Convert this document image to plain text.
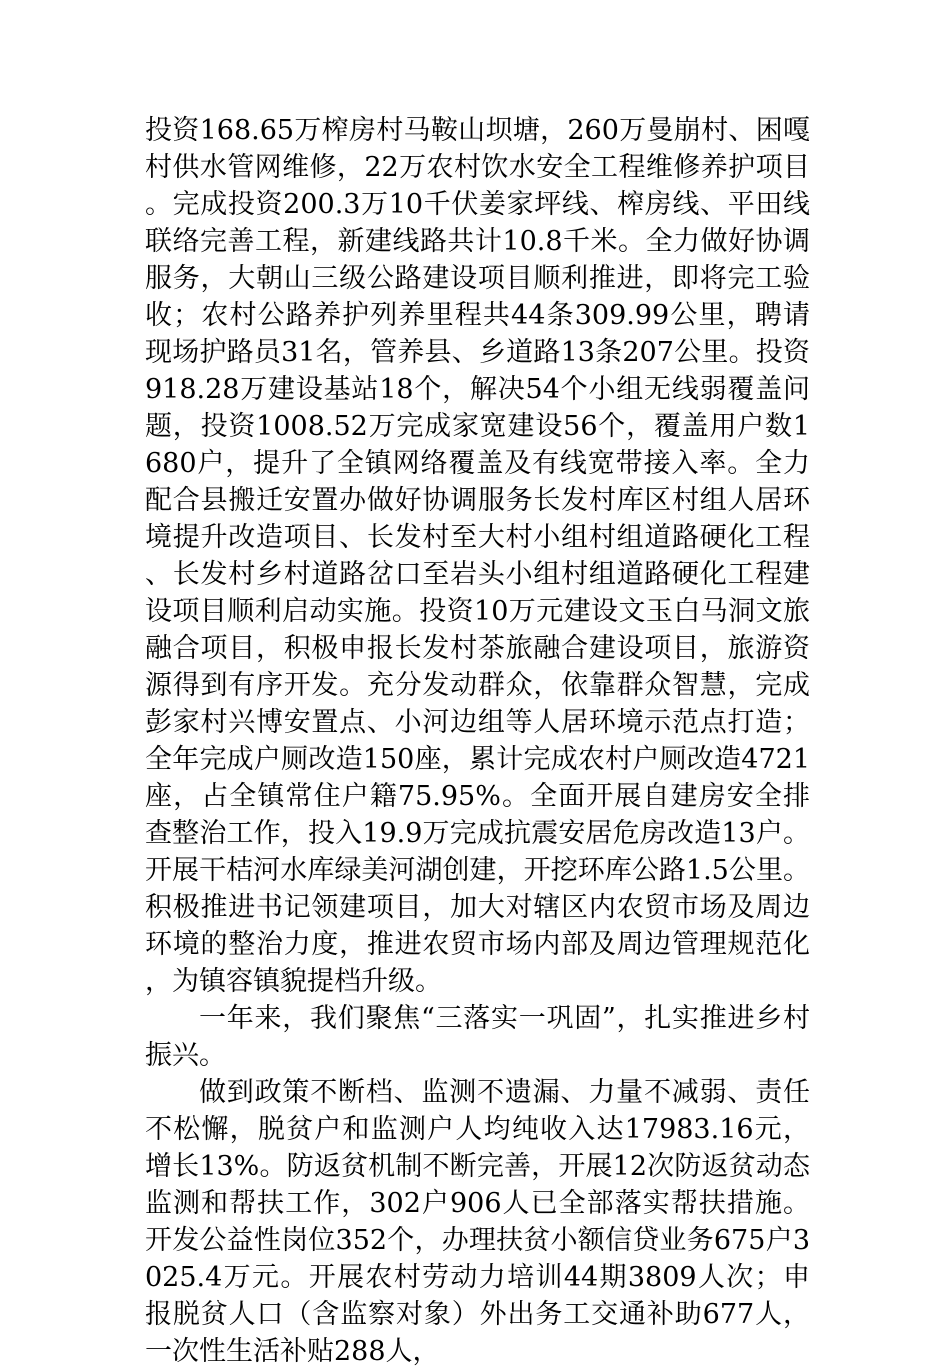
投资168.65万榨房村马鞍山坝塘，260万曼崩村、困嘎村供水管网维修，22万农村饮水安全工程维修养护项目。完成投资200.3万10千伏姜家坪线、榨房线、平田线联络完善工程，新建线路共计10.8千米。全力做好协调服务，大朝山三级公路建设项目顺利推进，即将完工验收；农村公路养护列养里程共44条309.99公里，聘请现场护路员31名，管养县、乡道路13条207公里。投资918.28万建设基站18个，解决54个小组无线弱覆盖问题，投资1008.52万完成家宽建设56个，覆盖用户数1680户，提升了全镇网络覆盖及有线宽带接入率。全力配合县搬迁安置办做好协调服务长发村库区村组人居环境提升改造项目、长发村至大村小组村组道路硬化工程、长发村乡村道路岔口至岩头小组村组道路硬化工程建设项目顺利启动实施。投资10万元建设文玉白马洞文旅融合项目，积极申报长发村茶旅融合建设项目，旅游资源得到有序开发。充分发动群众，依靠群众智慧，完成彭家村兴博安置点、小河边组等人居环境示范点打造；全年完成户厕改造150座，累计完成农村户厕改造4721座，占全镇常住户籍75.95%。全面开展自建房安全排查整治工作，投入19.9万完成抗震安居危房改造13户。开展干桔河水库绿美河湖创建，开挖环库公路1.5公里。积极推进书记领建项目，加大对辖区内农贸市场及周边环境的整治力度，推进农贸市场内部及周边管理规范化，为镇容镇貌提档升级。

一年来，我们聚焦“三落实一巩固”，扎实推进乡村振兴。

做到政策不断档、监测不遗漏、力量不减弱、责任不松懈，脱贫户和监测户人均纯收入达17983.16元，增长13%。防返贫机制不断完善，开展12次防返贫动态监测和帮扶工作，302户906人已全部落实帮扶措施。开发公益性岗位352个，办理扶贫小额信贷业务675户3025.4万元。开展农村劳动力培训44期3809人次；申报脱贫人口（含监察对象）外出务工交通补助677人，一次性生活补贴288人，
